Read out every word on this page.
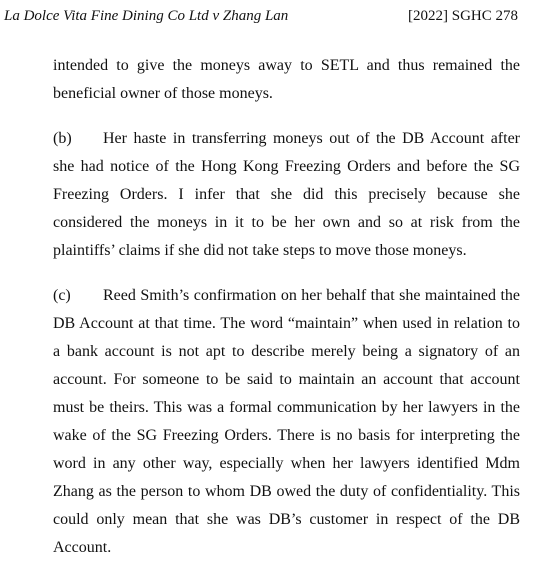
La Dolce Vita Fine Dining Co Ltd v Zhang Lan	[2022] SGHC 278

intended to give the moneys away to SETL and thus remained the beneficial owner of those moneys.

(b) Her haste in transferring moneys out of the DB Account after she had notice of the Hong Kong Freezing Orders and before the SG Freezing Orders. I infer that she did this precisely because she considered the moneys in it to be her own and so at risk from the plaintiffs’ claims if she did not take steps to move those moneys.

(c) Reed Smith’s confirmation on her behalf that she maintained the DB Account at that time. The word “maintain” when used in relation to a bank account is not apt to describe merely being a signatory of an account. For someone to be said to maintain an account that account must be theirs. This was a formal communication by her lawyers in the wake of the SG Freezing Orders. There is no basis for interpreting the word in any other way, especially when her lawyers identified Mdm Zhang as the person to whom DB owed the duty of confidentiality. This could only mean that she was DB’s customer in respect of the DB Account.
